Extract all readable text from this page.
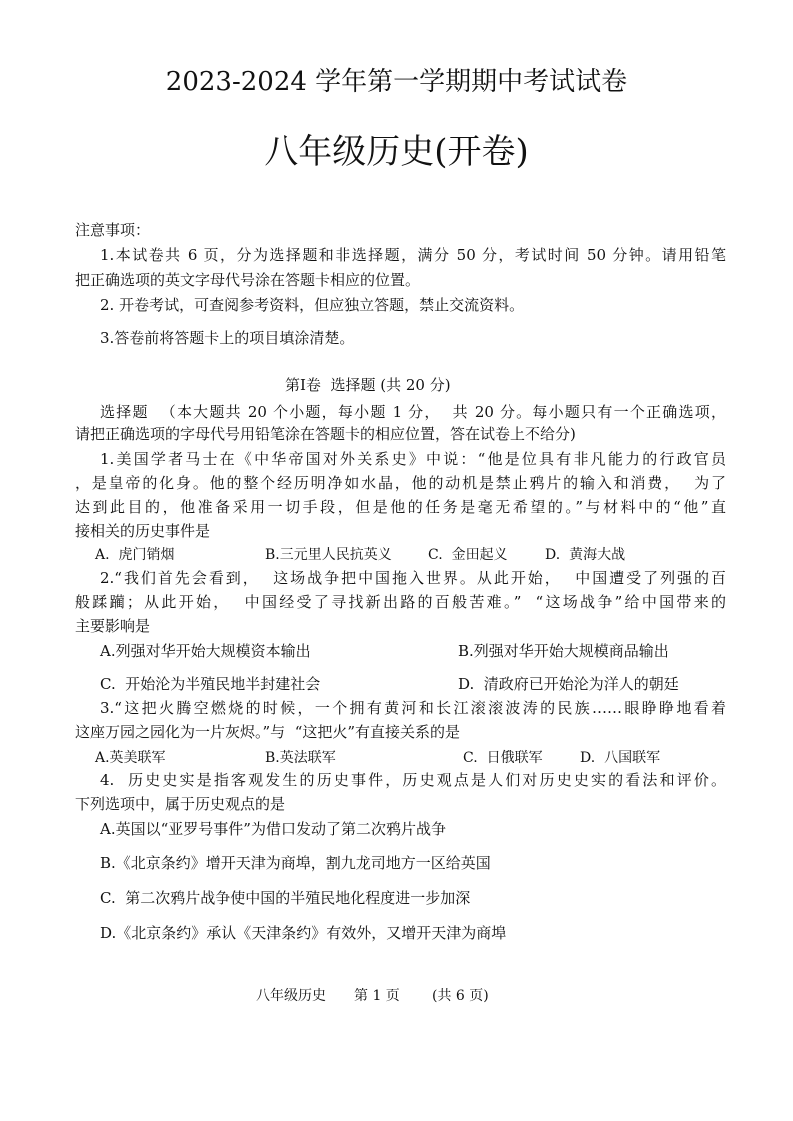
2023-2024 学年第一学期期中考试试卷
八年级历史(开卷)
注意事项：
1.本试卷共 6 页，分为选择题和非选择题，满分 50 分，考试时间 50 分钟。请用铅笔
把正确选项的英文字母代号涂在答题卡相应的位置。
2. 开卷考试，可查阅参考资料，但应独立答题，禁止交流资料。
3.答卷前将答题卡上的项目填涂清楚。
第Ⅰ卷  选择题 (共 20 分)
选择题  （本大题共 20 个小题，每小题 1 分，  共 20 分。每小题只有一个正确选项，
请把正确选项的字母代号用铅笔涂在答题卡的相应位置，答在试卷上不给分)
1.美国学者马士在《中华帝国对外关系史》中说：“他是位具有非凡能力的行政官员
，是皇帝的化身。他的整个经历明净如水晶，他的动机是禁止鸦片的输入和消费，  为了
达到此目的，他准备采用一切手段，但是他的任务是毫无希望的。”与材料中的“他”直
接相关的历史事件是
A.  虎门销烟	B.三元里人民抗英义	C.  金田起义	D.  黄海大战
2.“我们首先会看到，  这场战争把中国拖入世界。从此开始，  中国遭受了列强的百
般蹂躏；从此开始，  中国经受了寻找新出路的百般苦难。”  “这场战争”给中国带来的
主要影响是
A.列强对华开始大规模资本输出	B.列强对华开始大规模商品输出
C.  开始沦为半殖民地半封建社会	D.  清政府已开始沦为洋人的朝廷
3.“这把火腾空燃烧的时候，一个拥有黄河和长江滚滚波涛的民族……眼睁睁地看着
这座万园之园化为一片灰烬。”与  “这把火”有直接关系的是
A.英美联军	B.英法联军	C.  日俄联军	D.  八国联军
4.  历史史实是指客观发生的历史事件，历史观点是人们对历史史实的看法和评价。
下列选项中，属于历史观点的是
A.英国以“亚罗号事件”为借口发动了第二次鸦片战争
B.《北京条约》增开天津为商埠，割九龙司地方一区给英国
C.  第二次鸦片战争使中国的半殖民地化程度进一步加深
D.《北京条约》承认《天津条约》有效外，又增开天津为商埠
八年级历史 第 1 页 (共 6 页)
